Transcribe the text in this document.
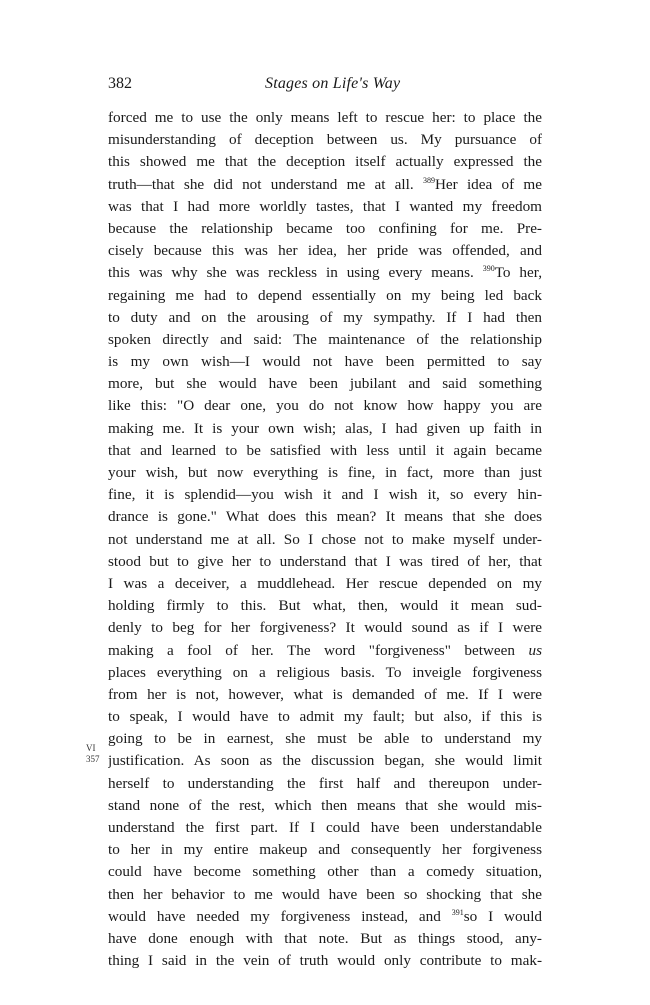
382	Stages on Life's Way
VI
357
forced me to use the only means left to rescue her: to place the
misunderstanding of deception between us. My pursuance of
this showed me that the deception itself actually expressed the
truth—that she did not understand me at all. $^{389}$Her idea of me
was that I had more worldly tastes, that I wanted my freedom
because the relationship became too confining for me. Pre-
cisely because this was her idea, her pride was offended, and
this was why she was reckless in using every means. $^{390}$To her,
regaining me had to depend essentially on my being led back
to duty and on the arousing of my sympathy. If I had then
spoken directly and said: The maintenance of the relationship
is my own wish—I would not have been permitted to say
more, but she would have been jubilant and said something
like this: "O dear one, you do not know how happy you are
making me. It is your own wish; alas, I had given up faith in
that and learned to be satisfied with less until it again became
your wish, but now everything is fine, in fact, more than just
fine, it is splendid—you wish it and I wish it, so every hin-
drance is gone." What does this mean? It means that she does
not understand me at all. So I chose not to make myself under-
stood but to give her to understand that I was tired of her, that
I was a deceiver, a muddlehead. Her rescue depended on my
holding firmly to this. But what, then, would it mean sud-
denly to beg for her forgiveness? It would sound as if I were
making a fool of her. The word "forgiveness" between us
places everything on a religious basis. To inveigle forgiveness
from her is not, however, what is demanded of me. If I were
to speak, I would have to admit my fault; but also, if this is
going to be in earnest, she must be able to understand my
justification. As soon as the discussion began, she would limit
herself to understanding the first half and thereupon under-
stand none of the rest, which then means that she would mis-
understand the first part. If I could have been understandable
to her in my entire makeup and consequently her forgiveness
could have become something other than a comedy situation,
then her behavior to me would have been so shocking that she
would have needed my forgiveness instead, and $^{391}$so I would
have done enough with that note. But as things stood, any-
thing I said in the vein of truth would only contribute to mak-
